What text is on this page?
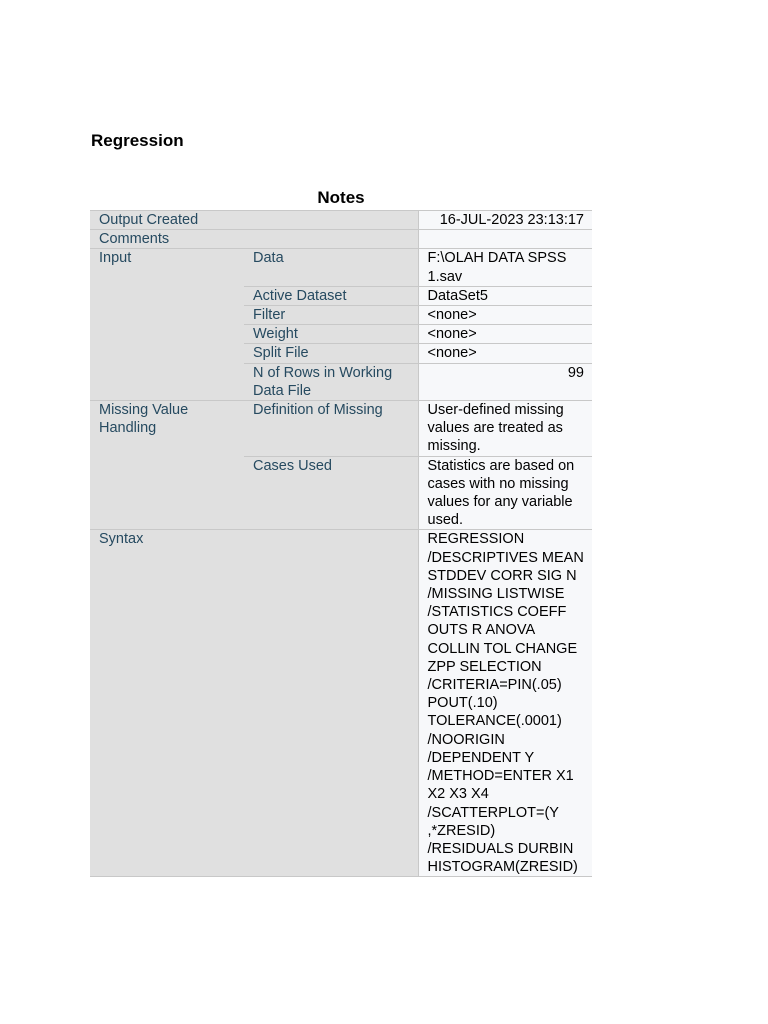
Regression
Notes
Output Created		16-JUL-2023 23:13:17
Comments		
Input	Data	F:\OLAH DATA SPSS 1.sav
	Active Dataset	DataSet5
	Filter	<none>
	Weight	<none>
	Split File	<none>
	N of Rows in Working Data File	99
Missing Value Handling	Definition of Missing	User-defined missing values are treated as missing.
	Cases Used	Statistics are based on cases with no missing values for any variable used.
Syntax		REGRESSION /DESCRIPTIVES MEAN STDDEV CORR SIG N /MISSING LISTWISE /STATISTICS COEFF OUTS R ANOVA COLLIN TOL CHANGE ZPP SELECTION /CRITERIA=PIN(.05) POUT(.10) TOLERANCE(.0001) /NOORIGIN /DEPENDENT Y /METHOD=ENTER X1 X2 X3 X4 /SCATTERPLOT=(Y ,*ZRESID) /RESIDUALS DURBIN HISTOGRAM(ZRESID)
